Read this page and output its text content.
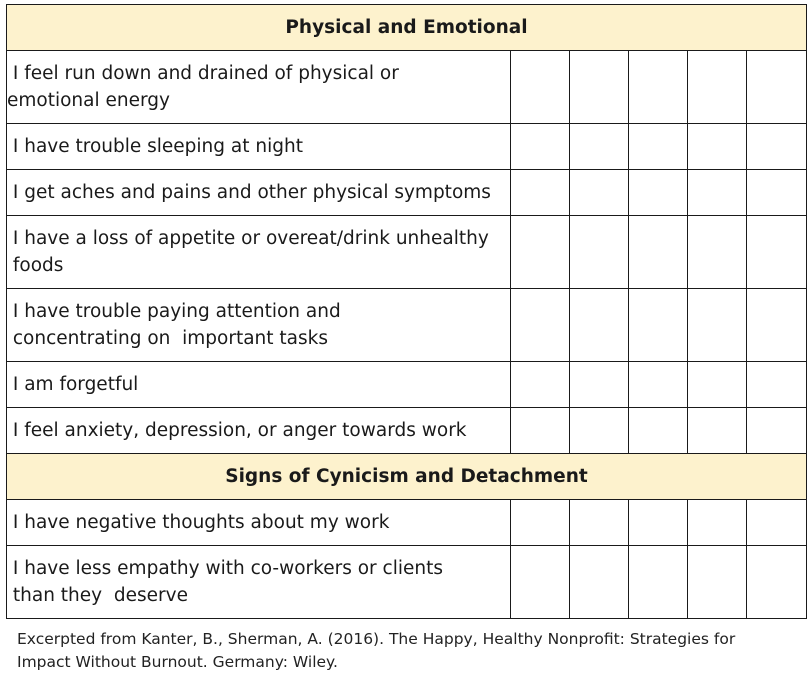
Physical and Emotional					

I feel run down and drained of physical or
emotional energy					

I have trouble sleeping at night					

I get aches and pains and other physical symptoms					

I have a loss of appetite or overeat/drink unhealthy
foods					

I have trouble paying attention and
concentrating on  important tasks					

I am forgetful					

I feel anxiety, depression, or anger towards work					

Signs of Cynicism and Detachment					

I have negative thoughts about my work					

I have less empathy with co-workers or clients
than they  deserve					

Excerpted from Kanter, B., Sherman, A. (2016). The Happy, Healthy Nonprofit: Strategies for
Impact Without Burnout. Germany: Wiley.
